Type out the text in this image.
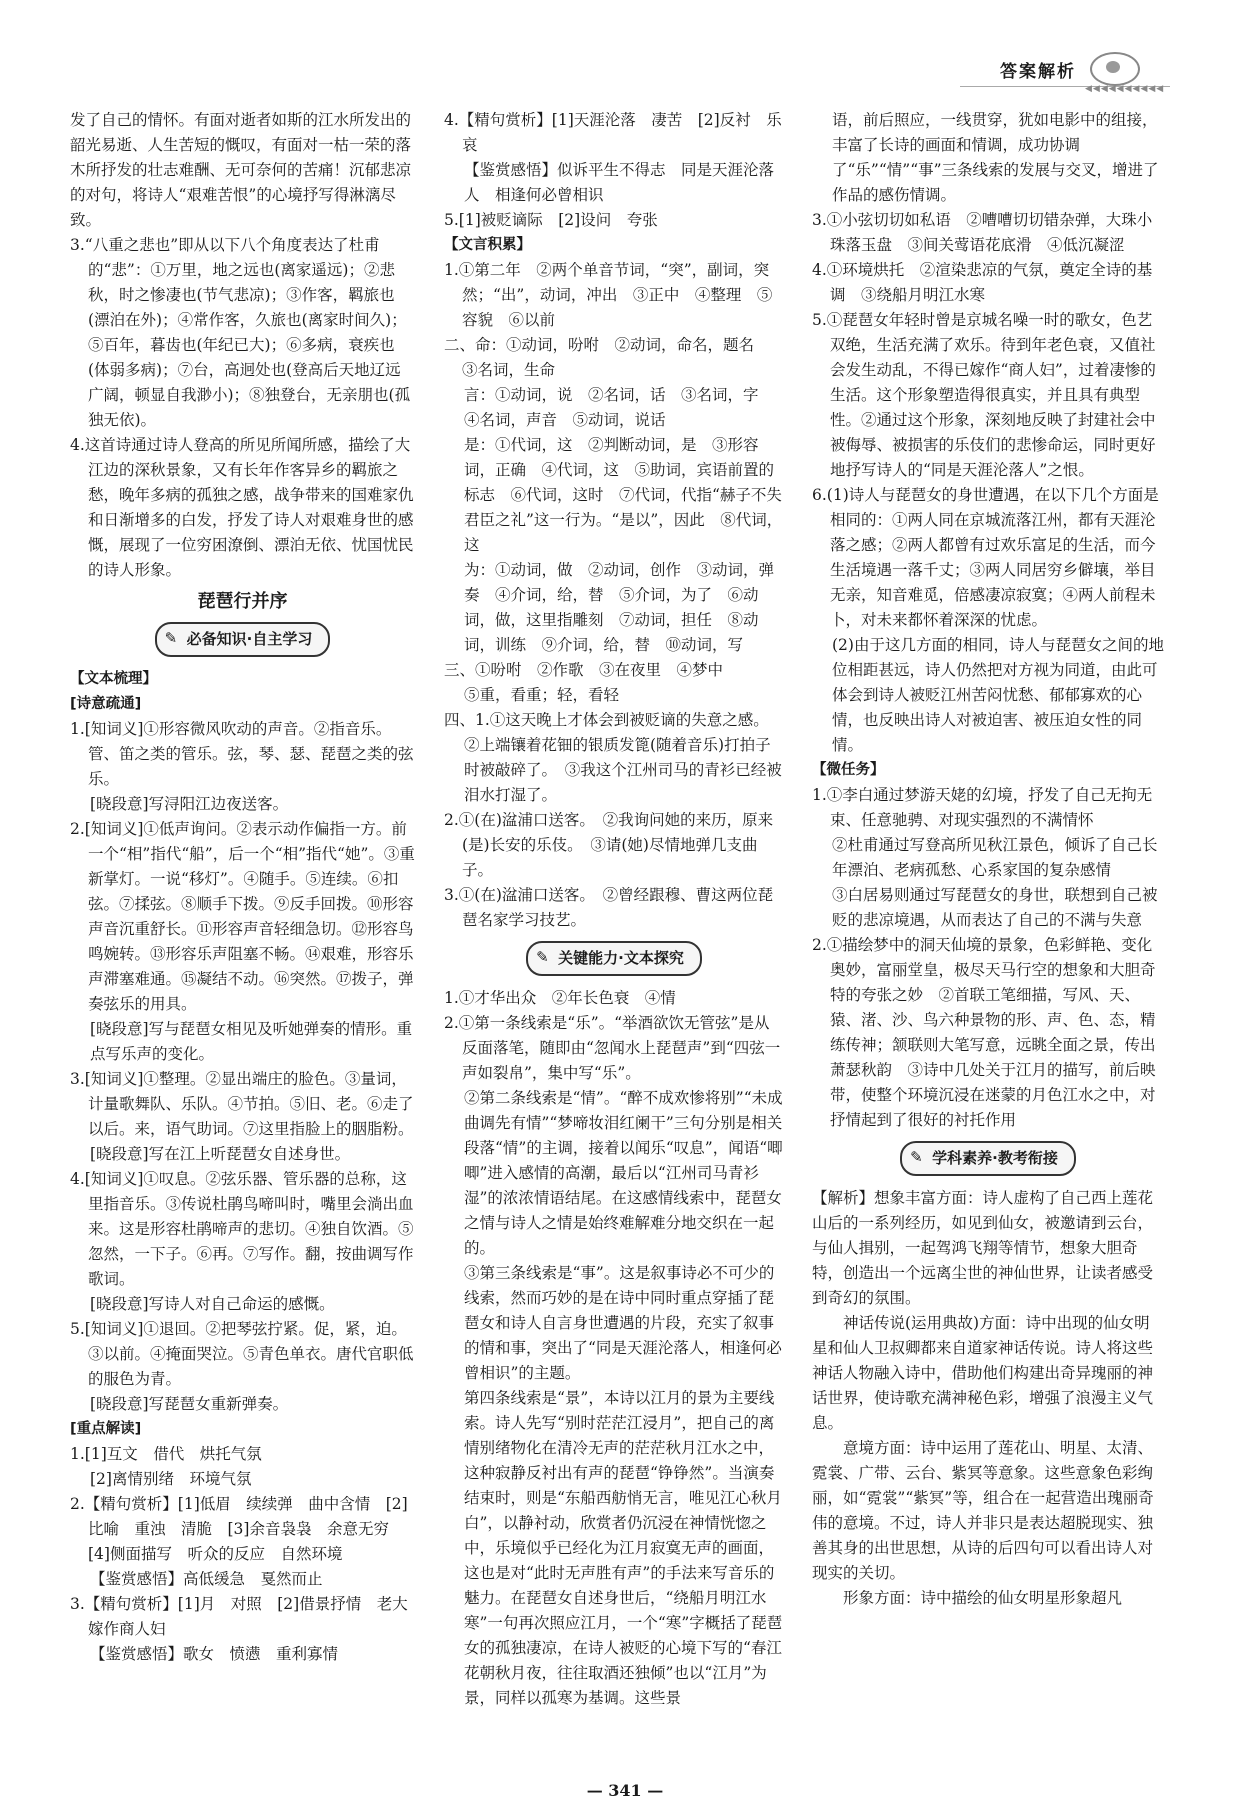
答案解析
◀◀◀◀◀◀◀◀◀◀

发了自己的情怀。有面对逝者如斯的江水所发出的韶光易逝、人生苦短的慨叹，有面对一枯一荣的落木所抒发的壮志难酬、无可奈何的苦痛！沉郁悲凉的对句，将诗人“艰难苦恨”的心境抒写得淋漓尽致。

3.“八重之悲也”即从以下八个角度表达了杜甫的“悲”：①万里，地之远也(离家遥远)；②悲秋，时之惨凄也(节气悲凉)；③作客，羁旅也(漂泊在外)；④常作客，久旅也(离家时间久)；⑤百年，暮齿也(年纪已大)；⑥多病，衰疾也(体弱多病)；⑦台，高迥处也(登高后天地辽远广阔，顿显自我渺小)；⑧独登台，无亲朋也(孤独无依)。

4.这首诗通过诗人登高的所见所闻所感，描绘了大江边的深秋景象，又有长年作客异乡的羁旅之愁，晚年多病的孤独之感，战争带来的国难家仇和日渐增多的白发，抒发了诗人对艰难身世的感慨，展现了一位穷困潦倒、漂泊无依、忧国忧民的诗人形象。

琵琶行并序
✎ 必备知识·自主学习

【文本梳理】

[诗意疏通]

1.[知词义]①形容微风吹动的声音。②指音乐。管、笛之类的管乐。弦，琴、瑟、琵琶之类的弦乐。

[晓段意]写浔阳江边夜送客。

2.[知词义]①低声询问。②表示动作偏指一方。前一个“相”指代“船”，后一个“相”指代“她”。③重新掌灯。一说“移灯”。④随手。⑤连续。⑥扣弦。⑦揉弦。⑧顺手下拨。⑨反手回拨。⑩形容声音沉重舒长。⑪形容声音轻细急切。⑫形容鸟鸣婉转。⑬形容乐声阻塞不畅。⑭艰难，形容乐声滞塞难通。⑮凝结不动。⑯突然。⑰拨子，弹奏弦乐的用具。

[晓段意]写与琵琶女相见及听她弹奏的情形。重点写乐声的变化。

3.[知词义]①整理。②显出端庄的脸色。③量词，计量歌舞队、乐队。④节拍。⑤旧、老。⑥走了以后。来，语气助词。⑦这里指脸上的胭脂粉。

[晓段意]写在江上听琵琶女自述身世。

4.[知词义]①叹息。②弦乐器、管乐器的总称，这里指音乐。③传说杜鹃鸟啼叫时，嘴里会淌出血来。这是形容杜鹃啼声的悲切。④独自饮酒。⑤忽然，一下子。⑥再。⑦写作。翻，按曲调写作歌词。

[晓段意]写诗人对自己命运的感慨。

5.[知词义]①退回。②把琴弦拧紧。促，紧，迫。③以前。④掩面哭泣。⑤青色单衣。唐代官职低的服色为青。

[晓段意]写琵琶女重新弹奏。

[重点解读]

1.[1]互文　借代　烘托气氛

[2]离情别绪　环境气氛

2.【精句赏析】[1]低眉　续续弹　曲中含情　[2]比喻　重浊　清脆　[3]余音袅袅　余意无穷　[4]侧面描写　听众的反应　自然环境

【鉴赏感悟】高低缓急　戛然而止

3.【精句赏析】[1]月　对照　[2]借景抒情　老大嫁作商人妇

【鉴赏感悟】歌女　愤懑　重利寡情

4.【精句赏析】[1]天涯沦落　凄苦　[2]反衬　乐　哀

【鉴赏感悟】似诉平生不得志　同是天涯沦落人　相逢何必曾相识

5.[1]被贬谪际　[2]设问　夸张

【文言积累】

1.①第二年　②两个单音节词，“突”，副词，突然；“出”，动词，冲出　③正中　④整理　⑤容貌　⑥以前

二、命：①动词，吩咐　②动词，命名，题名　③名词，生命

言：①动词，说　②名词，话　③名词，字　④名词，声音　⑤动词，说话

是：①代词，这　②判断动词，是　③形容词，正确　④代词，这　⑤助词，宾语前置的标志　⑥代词，这时　⑦代词，代指“赫子不失君臣之礼”这一行为。“是以”，因此　⑧代词，这

为：①动词，做　②动词，创作　③动词，弹奏　④介词，给，替　⑤介词，为了　⑥动词，做，这里指雕刻　⑦动词，担任　⑧动词，训练　⑨介词，给，替　⑩动词，写

三、①吩咐　②作歌　③在夜里　④梦中

⑤重，看重；轻，看轻

四、1.①这天晚上才体会到被贬谪的失意之感。

②上端镶着花钿的银质发篦(随着音乐)打拍子时被敲碎了。　③我这个江州司马的青衫已经被泪水打湿了。

2.①(在)湓浦口送客。　②我询问她的来历，原来(是)长安的乐伎。　③请(她)尽情地弹几支曲子。

3.①(在)湓浦口送客。　②曾经跟穆、曹这两位琵琶名家学习技艺。

✎ 关键能力·文本探究

1.①才华出众　②年长色衰　④情

2.①第一条线索是“乐”。“举酒欲饮无管弦”是从反面落笔，随即由“忽闻水上琵琶声”到“四弦一声如裂帛”，集中写“乐”。

②第二条线索是“情”。“醉不成欢惨将别”“未成曲调先有情”“梦啼妆泪红阑干”三句分别是相关段落“情”的主调，接着以闻乐“叹息”，闻语“唧唧”进入感情的高潮，最后以“江州司马青衫湿”的浓浓情语结尾。在这感情线索中，琵琶女之情与诗人之情是始终难解难分地交织在一起的。

③第三条线索是“事”。这是叙事诗必不可少的线索，然而巧妙的是在诗中同时重点穿插了琵琶女和诗人自言身世遭遇的片段，充实了叙事的情和事，突出了“同是天涯沦落人，相逢何必曾相识”的主题。

第四条线索是“景”，本诗以江月的景为主要线索。诗人先写“别时茫茫江浸月”，把自己的离情别绪物化在清冷无声的茫茫秋月江水之中，这种寂静反衬出有声的琵琶“铮铮然”。当演奏结束时，则是“东船西舫悄无言，唯见江心秋月白”，以静衬动，欣赏者仍沉浸在神情恍惚之中，乐境似乎已经化为江月寂寞无声的画面，这也是对“此时无声胜有声”的手法来写音乐的魅力。在琵琶女自述身世后，“绕船月明江水寒”一句再次照应江月，一个“寒”字概括了琵琶女的孤独凄凉，在诗人被贬的心境下写的“春江花朝秋月夜，往往取酒还独倾”也以“江月”为景，同样以孤寒为基调。这些景

语，前后照应，一线贯穿，犹如电影中的组接，丰富了长诗的画面和情调，成功协调了“乐”“情”“事”三条线索的发展与交叉，增进了作品的感伤情调。

3.①小弦切切如私语　②嘈嘈切切错杂弹，大珠小珠落玉盘　③间关莺语花底滑　④低沉凝涩

4.①环境烘托　②渲染悲凉的气氛，奠定全诗的基调　③绕船月明江水寒

5.①琵琶女年轻时曾是京城名噪一时的歌女，色艺双绝，生活充满了欢乐。待到年老色衰，又值社会发生动乱，不得已嫁作“商人妇”，过着凄惨的生活。这个形象塑造得很真实，并且具有典型性。②通过这个形象，深刻地反映了封建社会中被侮辱、被损害的乐伎们的悲惨命运，同时更好地抒写诗人的“同是天涯沦落人”之恨。

6.(1)诗人与琵琶女的身世遭遇，在以下几个方面是相同的：①两人同在京城流落江州，都有天涯沦落之感；②两人都曾有过欢乐富足的生活，而今生活境遇一落千丈；③两人同居穷乡僻壤，举目无亲，知音难觅，倍感凄凉寂寞；④两人前程未卜，对未来都怀着深深的忧虑。

(2)由于这几方面的相同，诗人与琵琶女之间的地位相距甚远，诗人仍然把对方视为同道，由此可体会到诗人被贬江州苦闷忧愁、郁郁寡欢的心情，也反映出诗人对被迫害、被压迫女性的同情。

【微任务】

1.①李白通过梦游天姥的幻境，抒发了自己无拘无束、任意驰骋、对现实强烈的不满情怀

②杜甫通过写登高所见秋江景色，倾诉了自己长年漂泊、老病孤愁、心系家国的复杂感情

③白居易则通过写琵琶女的身世，联想到自己被贬的悲凉境遇，从而表达了自己的不满与失意

2.①描绘梦中的洞天仙境的景象，色彩鲜艳、变化奥妙，富丽堂皇，极尽天马行空的想象和大胆奇特的夸张之妙　②首联工笔细描，写风、天、猿、渚、沙、鸟六种景物的形、声、色、态，精练传神；颔联则大笔写意，远眺全面之景，传出萧瑟秋韵　③诗中几处关于江月的描写，前后映带，使整个环境沉浸在迷蒙的月色江水之中，对抒情起到了很好的衬托作用

✎ 学科素养·教考衔接

【解析】想象丰富方面：诗人虚构了自己西上莲花山后的一系列经历，如见到仙女，被邀请到云台，与仙人揖别，一起驾鸿飞翔等情节，想象大胆奇特，创造出一个远离尘世的神仙世界，让读者感受到奇幻的氛围。

神话传说(运用典故)方面：诗中出现的仙女明星和仙人卫叔卿都来自道家神话传说。诗人将这些神话人物融入诗中，借助他们构建出奇异瑰丽的神话世界，使诗歌充满神秘色彩，增强了浪漫主义气息。

意境方面：诗中运用了莲花山、明星、太清、霓裳、广带、云台、紫冥等意象。这些意象色彩绚丽，如“霓裳”“紫冥”等，组合在一起营造出瑰丽奇伟的意境。不过，诗人并非只是表达超脱现实、独善其身的出世思想，从诗的后四句可以看出诗人对现实的关切。

形象方面：诗中描绘的仙女明星形象超凡

— 341 —
